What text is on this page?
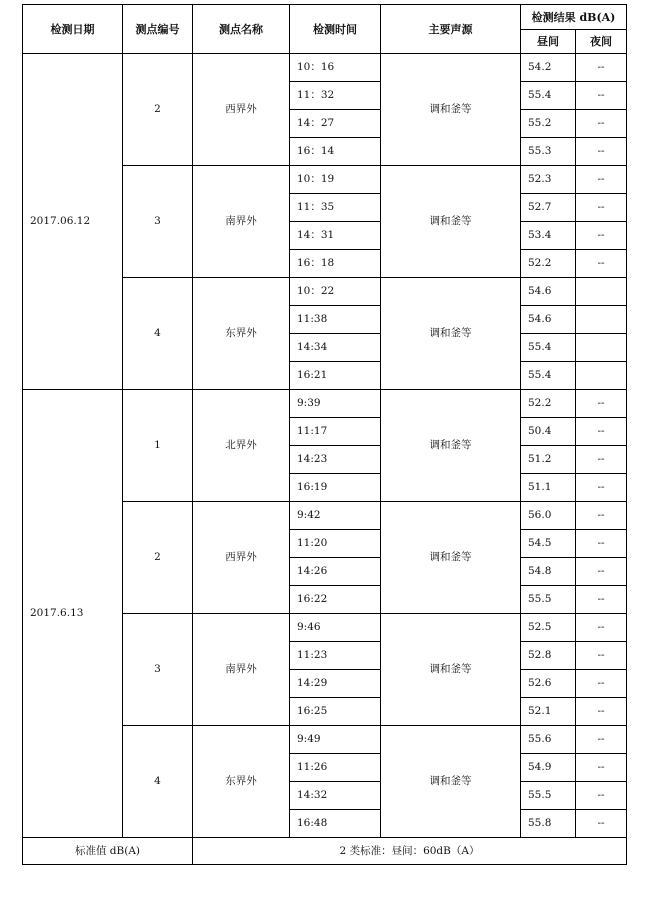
检测日期	测点编号	测点名称	检测时间	主要声源	检测结果 dB(A)	
					昼间	夜间
2017.06.12	2	西界外	10：16	调和釜等	54.2	--
			11：32		55.4	--
			14：27		55.2	--
			16：14		55.3	--
	3	南界外	10：19	调和釜等	52.3	--
			11：35		52.7	--
			14：31		53.4	--
			16：18		52.2	--
	4	东界外	10：22	调和釜等	54.6	
			11:38		54.6	
			14:34		55.4	
			16:21		55.4	
2017.6.13	1	北界外	9:39	调和釜等	52.2	--
			11:17		50.4	--
			14:23		51.2	--
			16:19		51.1	--
	2	西界外	9:42	调和釜等	56.0	--
			11:20		54.5	--
			14:26		54.8	--
			16:22		55.5	--
	3	南界外	9:46	调和釜等	52.5	--
			11:23		52.8	--
			14:29		52.6	--
			16:25		52.1	--
	4	东界外	9:49	调和釜等	55.6	--
			11:26		54.9	--
			14:32		55.5	--
			16:48		55.8	--
标准值 dB(A)		2 类标准：昼间：60dB（A）				
